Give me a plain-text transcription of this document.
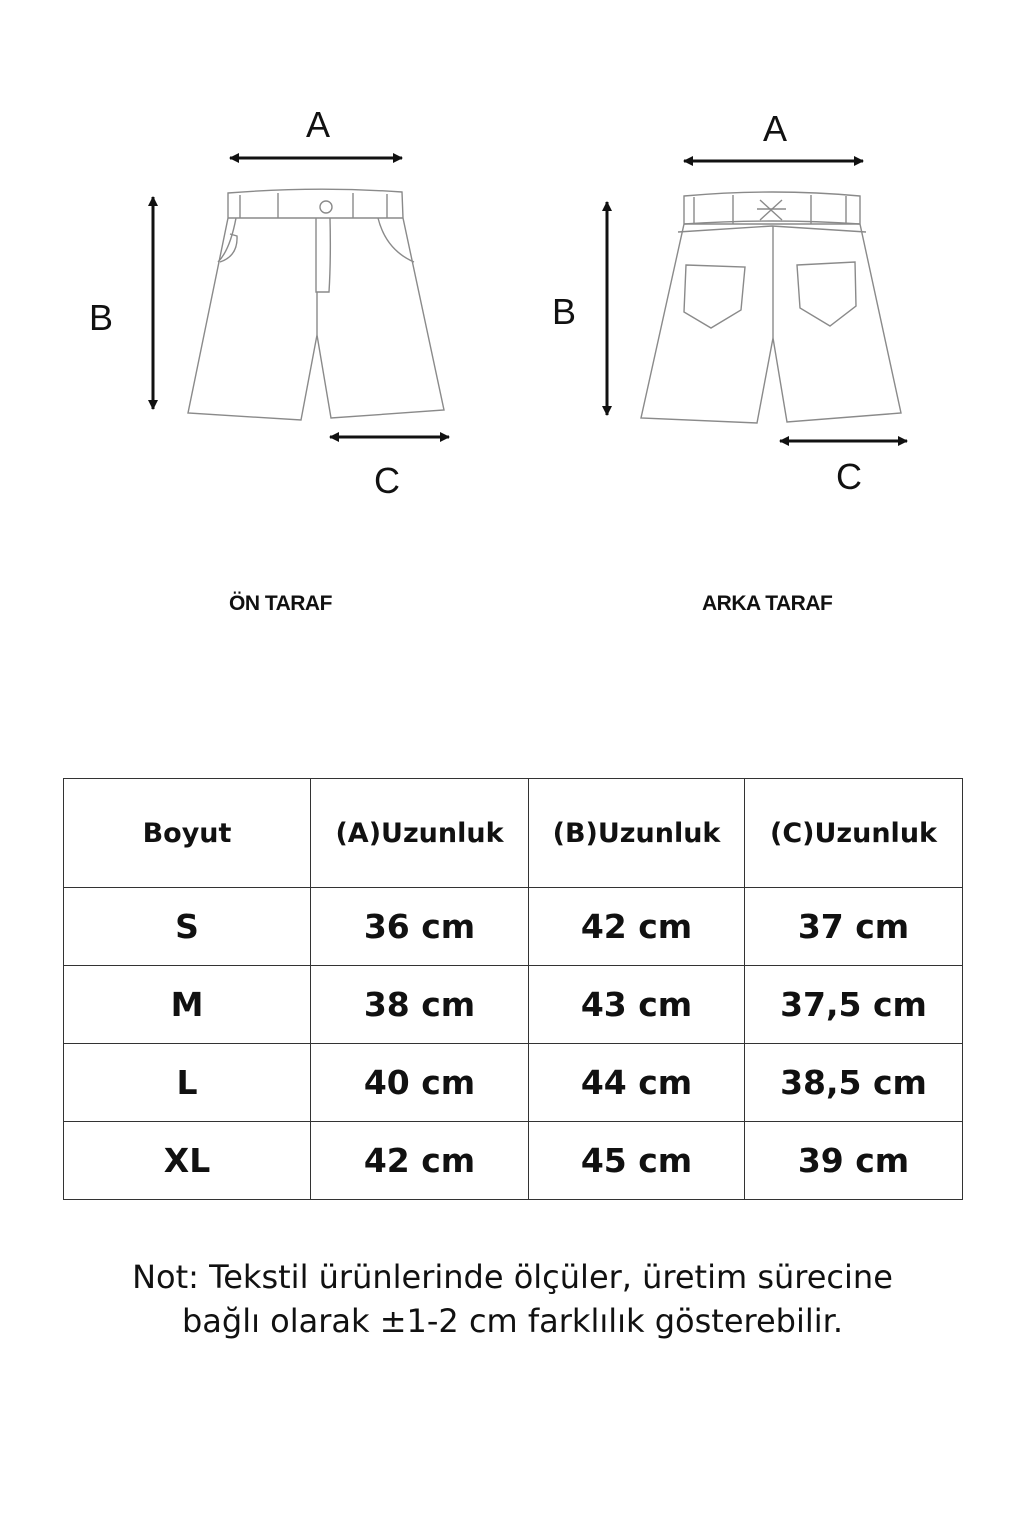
A
B
C
A
B
C
ÖN TARAF	ARKA TARAF
Boyut	(A)Uzunluk	(B)Uzunluk	(C)Uzunluk
S	36 cm	42 cm	37 cm
M	38 cm	43 cm	37,5 cm
L	40 cm	44 cm	38,5 cm
XL	42 cm	45 cm	39 cm
Not: Tekstil ürünlerinde ölçüler, üretim sürecine
bağlı olarak ±1-2 cm farklılık gösterebilir.
